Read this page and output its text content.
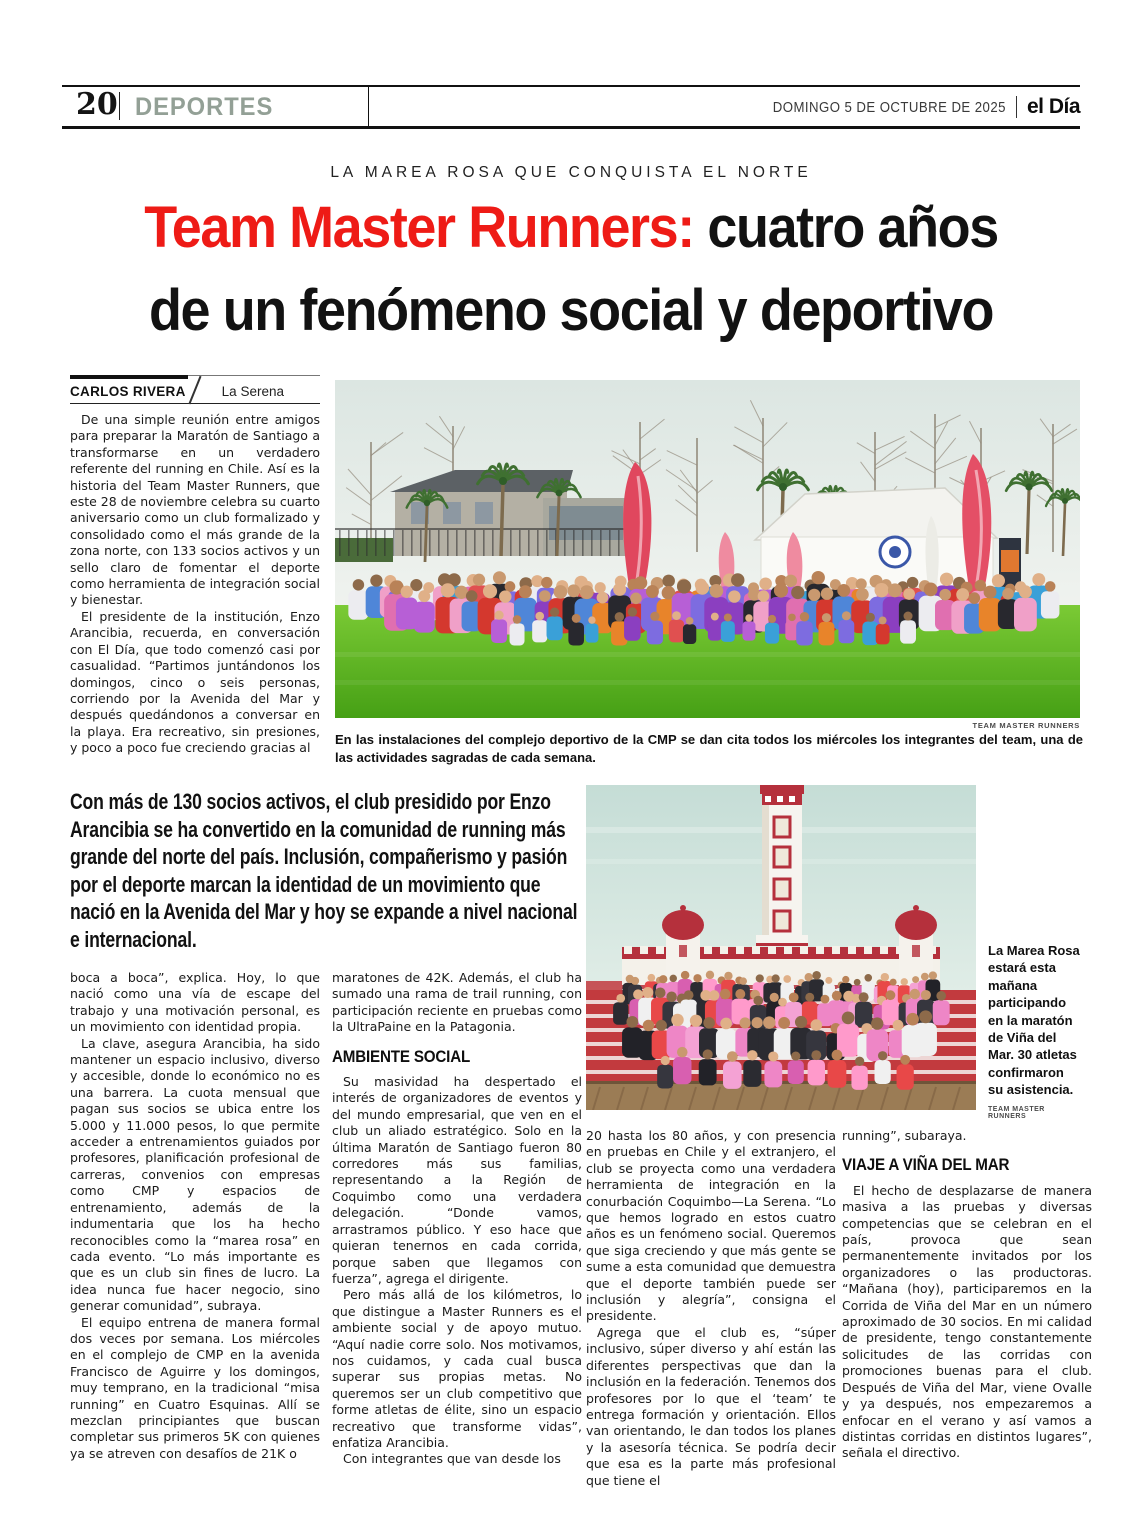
20 DEPORTES	DOMINGO 5 DE OCTUBRE DE 2025 el Día
LA MAREA ROSA QUE CONQUISTA EL NORTE
Team Master Runners: cuatro años
de un fenómeno social y deportivo
CARLOS RIVERA	La Serena

De una simple reunión entre amigos para preparar la Maratón de Santiago a transformarse en un verdadero referente del running en Chile. Así es la historia del Team Master Runners, que este 28 de noviembre celebra su cuarto aniversario como un club formalizado y consolidado como el más grande de la zona norte, con 133 socios activos y un sello claro de fomentar el deporte como herramienta de integración social y bienestar.

El presidente de la institución, Enzo Arancibia, recuerda, en conversación con El Día, que todo comenzó casi por casualidad. “Partimos juntándonos los domingos, cinco o seis personas, corriendo por la Avenida del Mar y después quedándonos a conversar en la playa. Era recreativo, sin presiones, y poco a poco fue creciendo gracias al

TEAM MASTER RUNNERS
En las instalaciones del complejo deportivo de la CMP se dan cita todos los miércoles los integrantes del team, una de las actividades sagradas de cada semana.
Con más de 130 socios activos, el club presidido por Enzo Arancibia se ha convertido en la comunidad de running más grande del norte del país. Inclusión, compañerismo y pasión por el deporte marcan la identidad de un movimiento que nació en la Avenida del Mar y hoy se expande a nivel nacional e internacional.	La Marea Rosa estará esta mañana participando en la maratón de Viña del Mar. 30 atletas confirmaron su asistencia.
TEAM MASTER RUNNERS

boca a boca”, explica. Hoy, lo que nació como una vía de escape del trabajo y una motivación personal, es un movimiento con identidad propia.

La clave, asegura Arancibia, ha sido mantener un espacio inclusivo, diverso y accesible, donde lo económico no es una barrera. La cuota mensual que pagan sus socios se ubica entre los 5.000 y 11.000 pesos, lo que permite acceder a entrenamientos guiados por profesores, planificación profesional de carreras, convenios con empresas como CMP y espacios de entrenamiento, además de la indumentaria que los ha hecho reconocibles como la “marea rosa” en cada evento. “Lo más importante es que es un club sin fines de lucro. La idea nunca fue hacer negocio, sino generar comunidad”, subraya.

El equipo entrena de manera formal dos veces por semana. Los miércoles en el complejo de CMP en la avenida Francisco de Aguirre y los domingos, muy temprano, en la tradicional “misa running” en Cuatro Esquinas. Allí se mezclan principiantes que buscan completar sus primeros 5K con quienes ya se atreven con desafíos de 21K o

maratones de 42K. Además, el club ha sumado una rama de trail running, con participación reciente en pruebas como la UltraPaine en la Patagonia.

AMBIENTE SOCIAL

Su masividad ha despertado el interés de organizadores de eventos y del mundo empresarial, que ven en el club un aliado estratégico. Solo en la última Maratón de Santiago fueron 80 corredores más sus familias, representando a la Región de Coquimbo como una verdadera delegación. “Donde vamos, arrastramos público. Y eso hace que quieran tenernos en cada corrida, porque saben que llegamos con fuerza”, agrega el dirigente.

Pero más allá de los kilómetros, lo que distingue a Master Runners es el ambiente social y de apoyo mutuo. “Aquí nadie corre solo. Nos motivamos, nos cuidamos, y cada cual busca superar sus propias metas. No queremos ser un club competitivo que forme atletas de élite, sino un espacio recreativo que transforme vidas”, enfatiza Arancibia.

Con integrantes que van desde los

20 hasta los 80 años, y con presencia en pruebas en Chile y el extranjero, el club se proyecta como una verdadera herramienta de integración en la conurbación Coquimbo—La Serena. “Lo que hemos logrado en estos cuatro años es un fenómeno social. Queremos que siga creciendo y que más gente se sume a esta comunidad que demuestra que el deporte también puede ser inclusión y alegría”, consigna el presidente.

Agrega que el club es, “súper inclusivo, súper diverso y ahí están las diferentes perspectivas que dan la inclusión en la federación. Tenemos dos profesores por lo que el ‘team’ te entrega formación y orientación. Ellos van orientando, le dan todos los planes y la asesoría técnica. Se podría decir que esa es la parte más profesional que tiene el

running”, subaraya.

VIAJE A VIÑA DEL MAR

El hecho de desplazarse de manera masiva a las pruebas y diversas competencias que se celebran en el país, provoca que sean permanentemente invitados por los organizadores o las productoras. “Mañana (hoy), participaremos en la Corrida de Viña del Mar en un número aproximado de 30 socios. En mi calidad de presidente, tengo constantemente solicitudes de las corridas con promociones buenas para el club. Después de Viña del Mar, viene Ovalle y ya después, nos empezaremos a enfocar en el verano y así vamos a distintas corridas en distintos lugares”, señala el directivo.
